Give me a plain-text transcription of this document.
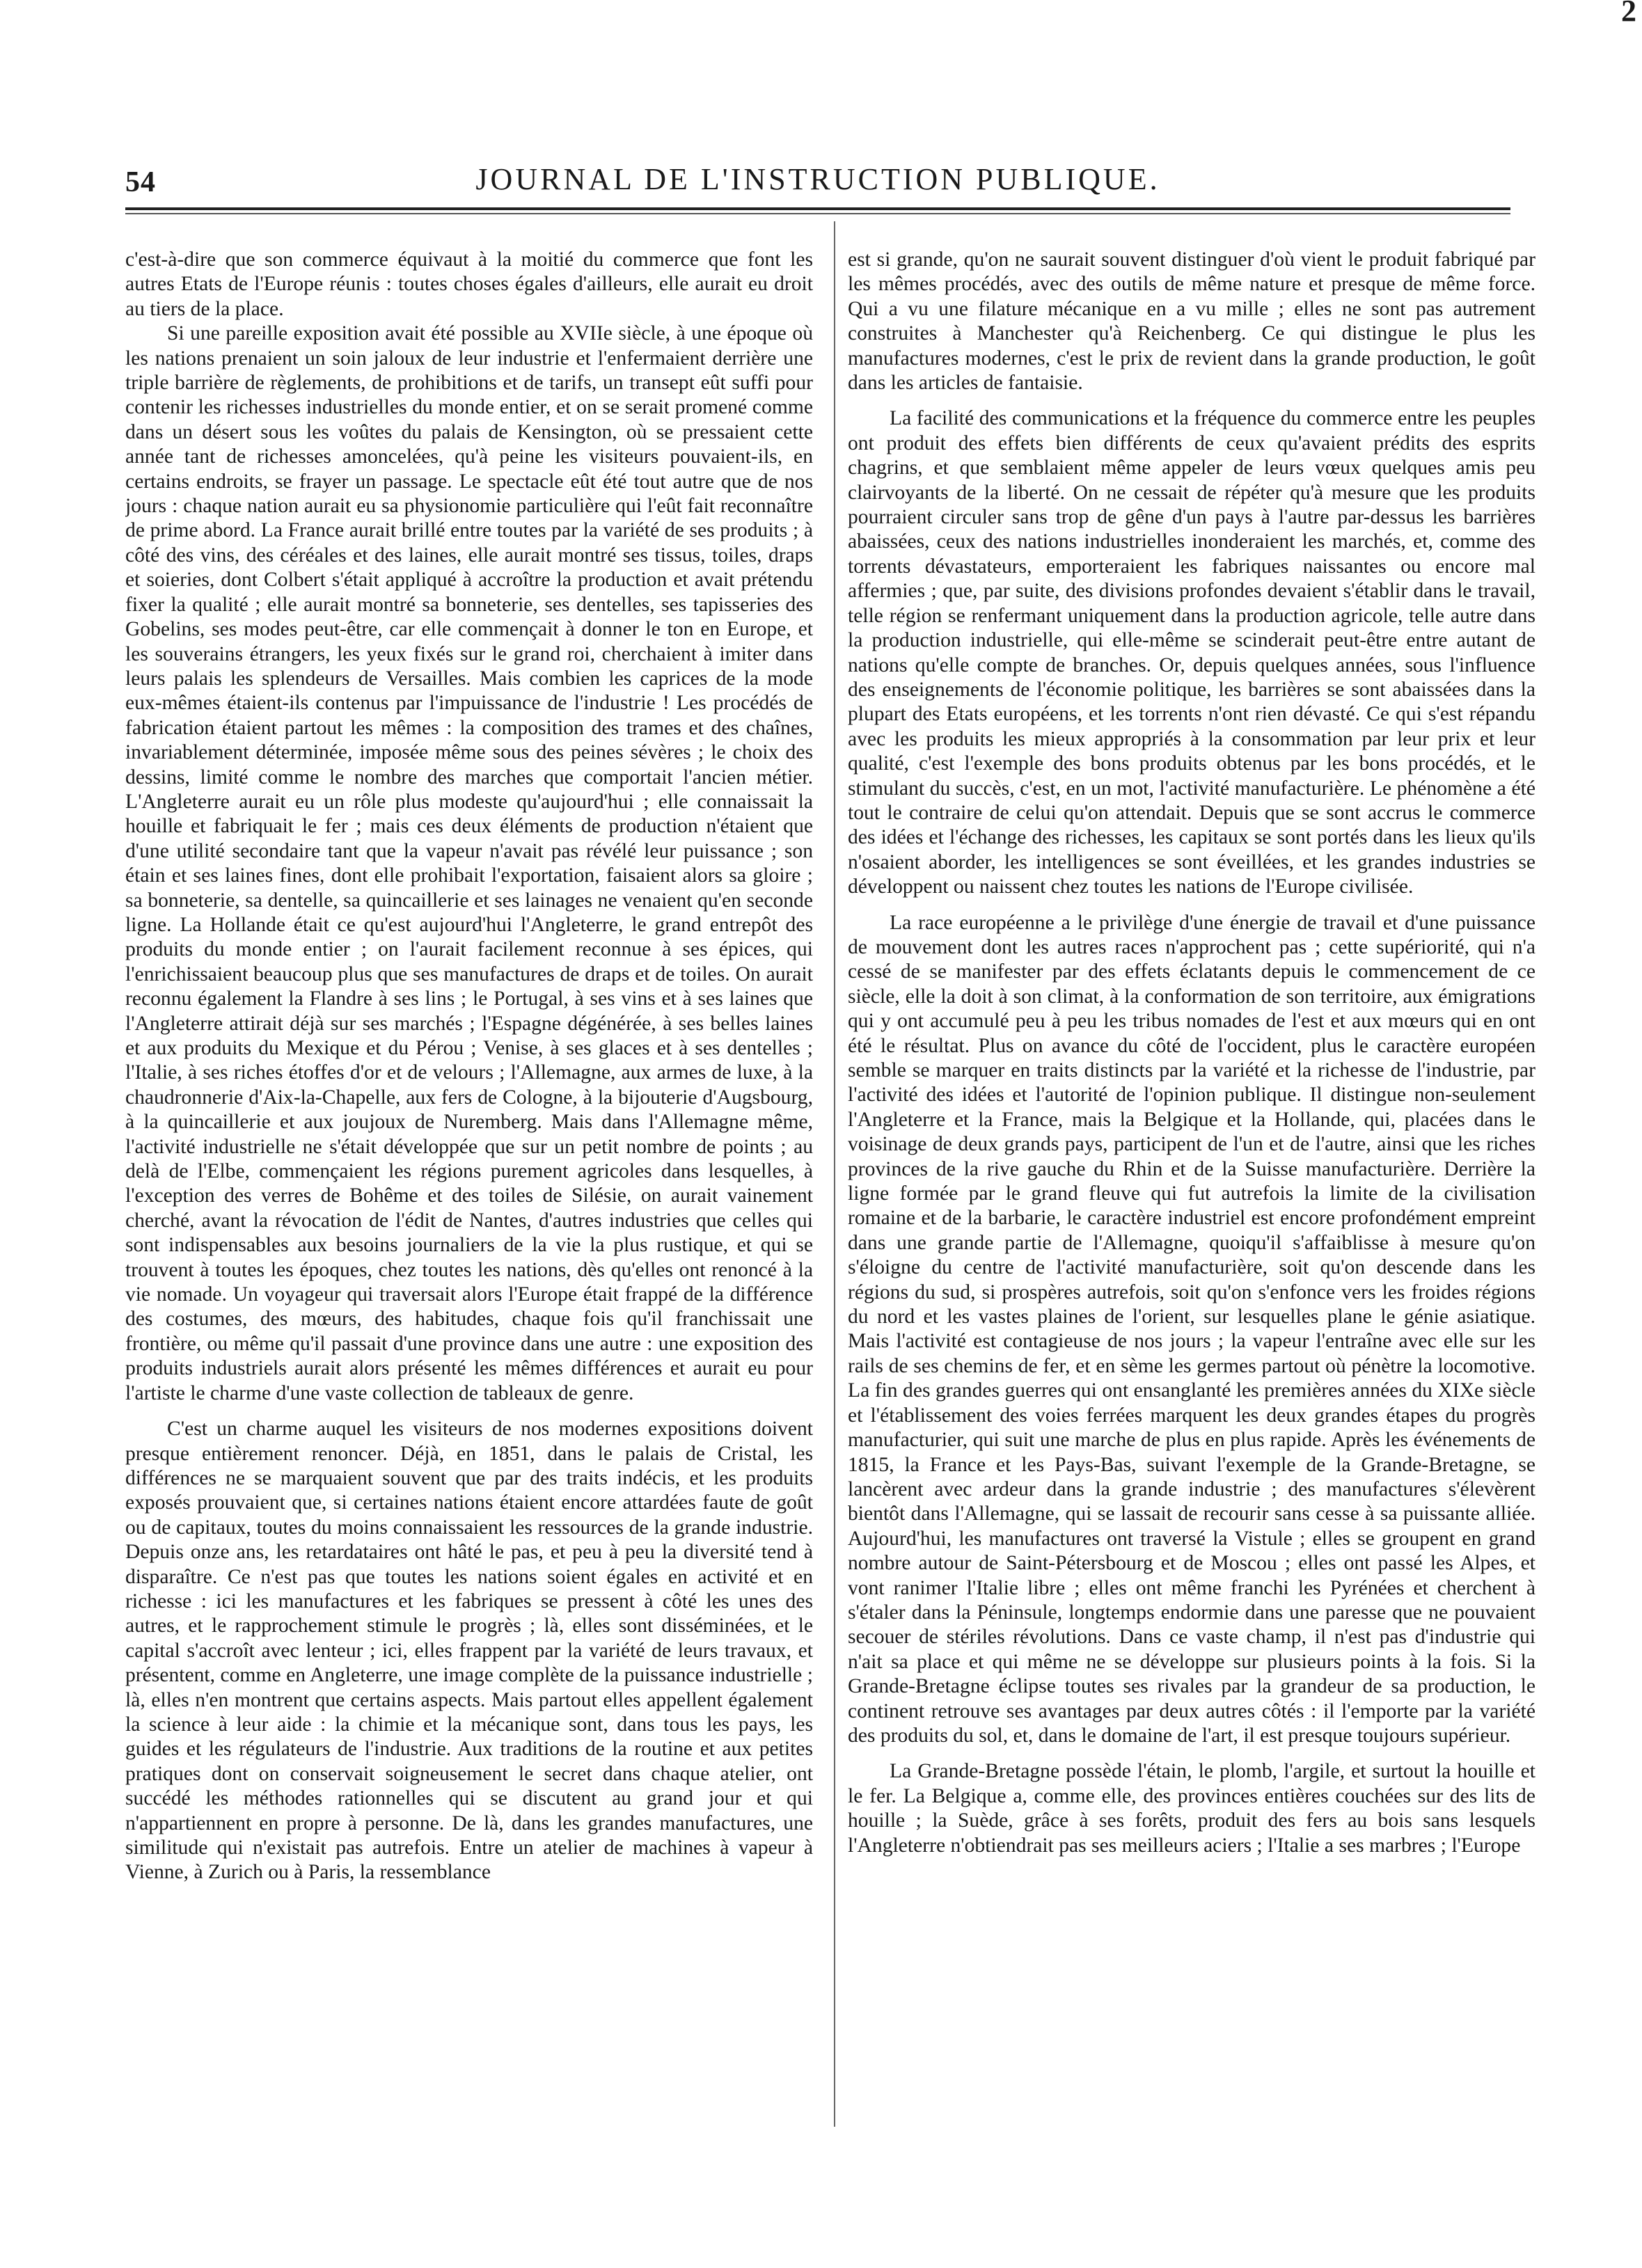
2
54	JOURNAL DE L'INSTRUCTION PUBLIQUE.

c'est-à-dire que son commerce équivaut à la moitié du commerce que font les autres Etats de l'Europe réunis : toutes choses égales d'ailleurs, elle aurait eu droit au tiers de la place.

Si une pareille exposition avait été possible au XVIIe siècle, à une époque où les nations prenaient un soin jaloux de leur industrie et l'enfermaient derrière une triple barrière de règlements, de prohibitions et de tarifs, un transept eût suffi pour contenir les richesses industrielles du monde entier, et on se serait promené comme dans un désert sous les voûtes du palais de Kensington, où se pressaient cette année tant de richesses amoncelées, qu'à peine les visiteurs pouvaient-ils, en certains endroits, se frayer un passage. Le spectacle eût été tout autre que de nos jours : chaque nation aurait eu sa physionomie particulière qui l'eût fait reconnaître de prime abord. La France aurait brillé entre toutes par la variété de ses produits ; à côté des vins, des céréales et des laines, elle aurait montré ses tissus, toiles, draps et soieries, dont Colbert s'était appliqué à accroître la production et avait prétendu fixer la qualité ; elle aurait montré sa bonneterie, ses dentelles, ses tapisseries des Gobelins, ses modes peut-être, car elle commençait à donner le ton en Europe, et les souverains étrangers, les yeux fixés sur le grand roi, cherchaient à imiter dans leurs palais les splendeurs de Versailles. Mais combien les caprices de la mode eux-mêmes étaient-ils contenus par l'impuissance de l'industrie ! Les procédés de fabrication étaient partout les mêmes : la composition des trames et des chaînes, invariablement déterminée, imposée même sous des peines sévères ; le choix des dessins, limité comme le nombre des marches que comportait l'ancien métier. L'Angleterre aurait eu un rôle plus modeste qu'aujourd'hui ; elle connaissait la houille et fabriquait le fer ; mais ces deux éléments de production n'étaient que d'une utilité secondaire tant que la vapeur n'avait pas révélé leur puissance ; son étain et ses laines fines, dont elle prohibait l'exportation, faisaient alors sa gloire ; sa bonneterie, sa dentelle, sa quincaillerie et ses lainages ne venaient qu'en seconde ligne. La Hollande était ce qu'est aujourd'hui l'Angleterre, le grand entrepôt des produits du monde entier ; on l'aurait facilement reconnue à ses épices, qui l'enrichissaient beaucoup plus que ses manufactures de draps et de toiles. On aurait reconnu également la Flandre à ses lins ; le Portugal, à ses vins et à ses laines que l'Angleterre attirait déjà sur ses marchés ; l'Espagne dégénérée, à ses belles laines et aux produits du Mexique et du Pérou ; Venise, à ses glaces et à ses dentelles ; l'Italie, à ses riches étoffes d'or et de velours ; l'Allemagne, aux armes de luxe, à la chaudronnerie d'Aix-la-Chapelle, aux fers de Cologne, à la bijouterie d'Augsbourg, à la quincaillerie et aux joujoux de Nuremberg. Mais dans l'Allemagne même, l'activité industrielle ne s'était développée que sur un petit nombre de points ; au delà de l'Elbe, commençaient les régions purement agricoles dans lesquelles, à l'exception des verres de Bohême et des toiles de Silésie, on aurait vainement cherché, avant la révocation de l'édit de Nantes, d'autres industries que celles qui sont indispensables aux besoins journaliers de la vie la plus rustique, et qui se trouvent à toutes les époques, chez toutes les nations, dès qu'elles ont renoncé à la vie nomade. Un voyageur qui traversait alors l'Europe était frappé de la différence des costumes, des mœurs, des habitudes, chaque fois qu'il franchissait une frontière, ou même qu'il passait d'une province dans une autre : une exposition des produits industriels aurait alors présenté les mêmes différences et aurait eu pour l'artiste le charme d'une vaste collection de tableaux de genre.

C'est un charme auquel les visiteurs de nos modernes expositions doivent presque entièrement renoncer. Déjà, en 1851, dans le palais de Cristal, les différences ne se marquaient souvent que par des traits indécis, et les produits exposés prouvaient que, si certaines nations étaient encore attardées faute de goût ou de capitaux, toutes du moins connaissaient les ressources de la grande industrie. Depuis onze ans, les retardataires ont hâté le pas, et peu à peu la diversité tend à disparaître. Ce n'est pas que toutes les nations soient égales en activité et en richesse : ici les manufactures et les fabriques se pressent à côté les unes des autres, et le rapprochement stimule le progrès ; là, elles sont disséminées, et le capital s'accroît avec lenteur ; ici, elles frappent par la variété de leurs travaux, et présentent, comme en Angleterre, une image complète de la puissance industrielle ; là, elles n'en montrent que certains aspects. Mais partout elles appellent également la science à leur aide : la chimie et la mécanique sont, dans tous les pays, les guides et les régulateurs de l'industrie. Aux traditions de la routine et aux petites pratiques dont on conservait soigneusement le secret dans chaque atelier, ont succédé les méthodes rationnelles qui se discutent au grand jour et qui n'appartiennent en propre à personne. De là, dans les grandes manufactures, une similitude qui n'existait pas autrefois. Entre un atelier de machines à vapeur à Vienne, à Zurich ou à Paris, la ressemblance

est si grande, qu'on ne saurait souvent distinguer d'où vient le produit fabriqué par les mêmes procédés, avec des outils de même nature et presque de même force. Qui a vu une filature mécanique en a vu mille ; elles ne sont pas autrement construites à Manchester qu'à Reichenberg. Ce qui distingue le plus les manufactures modernes, c'est le prix de revient dans la grande production, le goût dans les articles de fantaisie.

La facilité des communications et la fréquence du commerce entre les peuples ont produit des effets bien différents de ceux qu'avaient prédits des esprits chagrins, et que semblaient même appeler de leurs vœux quelques amis peu clairvoyants de la liberté. On ne cessait de répéter qu'à mesure que les produits pourraient circuler sans trop de gêne d'un pays à l'autre par-dessus les barrières abaissées, ceux des nations industrielles inonderaient les marchés, et, comme des torrents dévastateurs, emporteraient les fabriques naissantes ou encore mal affermies ; que, par suite, des divisions profondes devaient s'établir dans le travail, telle région se renfermant uniquement dans la production agricole, telle autre dans la production industrielle, qui elle-même se scinderait peut-être entre autant de nations qu'elle compte de branches. Or, depuis quelques années, sous l'influence des enseignements de l'économie politique, les barrières se sont abaissées dans la plupart des Etats européens, et les torrents n'ont rien dévasté. Ce qui s'est répandu avec les produits les mieux appropriés à la consommation par leur prix et leur qualité, c'est l'exemple des bons produits obtenus par les bons procédés, et le stimulant du succès, c'est, en un mot, l'activité manufacturière. Le phénomène a été tout le contraire de celui qu'on attendait. Depuis que se sont accrus le commerce des idées et l'échange des richesses, les capitaux se sont portés dans les lieux qu'ils n'osaient aborder, les intelligences se sont éveillées, et les grandes industries se développent ou naissent chez toutes les nations de l'Europe civilisée.

La race européenne a le privilège d'une énergie de travail et d'une puissance de mouvement dont les autres races n'approchent pas ; cette supériorité, qui n'a cessé de se manifester par des effets éclatants depuis le commencement de ce siècle, elle la doit à son climat, à la conformation de son territoire, aux émigrations qui y ont accumulé peu à peu les tribus nomades de l'est et aux mœurs qui en ont été le résultat. Plus on avance du côté de l'occident, plus le caractère européen semble se marquer en traits distincts par la variété et la richesse de l'industrie, par l'activité des idées et l'autorité de l'opinion publique. Il distingue non-seulement l'Angleterre et la France, mais la Belgique et la Hollande, qui, placées dans le voisinage de deux grands pays, participent de l'un et de l'autre, ainsi que les riches provinces de la rive gauche du Rhin et de la Suisse manufacturière. Derrière la ligne formée par le grand fleuve qui fut autrefois la limite de la civilisation romaine et de la barbarie, le caractère industriel est encore profondément empreint dans une grande partie de l'Allemagne, quoiqu'il s'affaiblisse à mesure qu'on s'éloigne du centre de l'activité manufacturière, soit qu'on descende dans les régions du sud, si prospères autrefois, soit qu'on s'enfonce vers les froides régions du nord et les vastes plaines de l'orient, sur lesquelles plane le génie asiatique. Mais l'activité est contagieuse de nos jours ; la vapeur l'entraîne avec elle sur les rails de ses chemins de fer, et en sème les germes partout où pénètre la locomotive. La fin des grandes guerres qui ont ensanglanté les premières années du XIXe siècle et l'établissement des voies ferrées marquent les deux grandes étapes du progrès manufacturier, qui suit une marche de plus en plus rapide. Après les événements de 1815, la France et les Pays-Bas, suivant l'exemple de la Grande-Bretagne, se lancèrent avec ardeur dans la grande industrie ; des manufactures s'élevèrent bientôt dans l'Allemagne, qui se lassait de recourir sans cesse à sa puissante alliée. Aujourd'hui, les manufactures ont traversé la Vistule ; elles se groupent en grand nombre autour de Saint-Pétersbourg et de Moscou ; elles ont passé les Alpes, et vont ranimer l'Italie libre ; elles ont même franchi les Pyrénées et cherchent à s'étaler dans la Péninsule, longtemps endormie dans une paresse que ne pouvaient secouer de stériles révolutions. Dans ce vaste champ, il n'est pas d'industrie qui n'ait sa place et qui même ne se développe sur plusieurs points à la fois. Si la Grande-Bretagne éclipse toutes ses rivales par la grandeur de sa production, le continent retrouve ses avantages par deux autres côtés : il l'emporte par la variété des produits du sol, et, dans le domaine de l'art, il est presque toujours supérieur.

La Grande-Bretagne possède l'étain, le plomb, l'argile, et surtout la houille et le fer. La Belgique a, comme elle, des provinces entières couchées sur des lits de houille ; la Suède, grâce à ses forêts, produit des fers au bois sans lesquels l'Angleterre n'obtiendrait pas ses meilleurs aciers ; l'Italie a ses marbres ; l'Europe
